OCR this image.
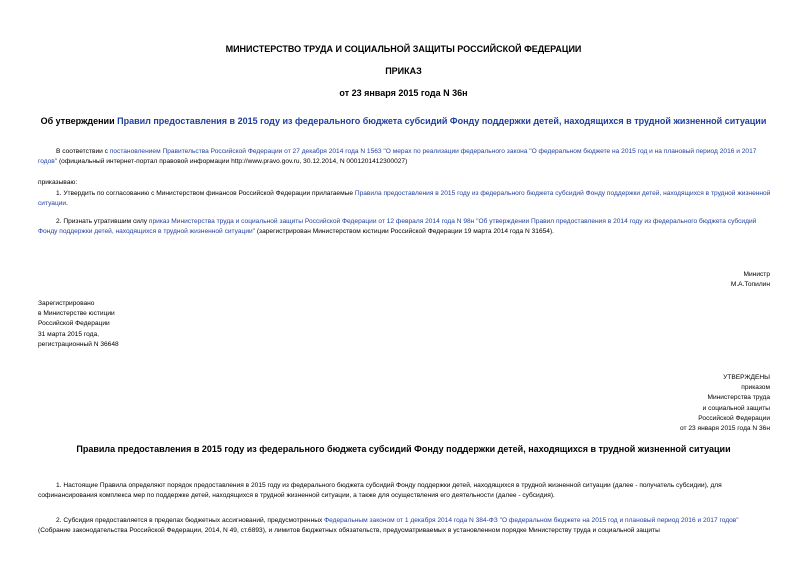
МИНИСТЕРСТВО ТРУДА И СОЦИАЛЬНОЙ ЗАЩИТЫ РОССИЙСКОЙ ФЕДЕРАЦИИ
ПРИКАЗ
от 23 января 2015 года N 36н
Об утверждении Правил предоставления в 2015 году из федерального бюджета субсидий Фонду поддержки детей, находящихся в трудной жизненной ситуации
В соответствии с постановлением Правительства Российской Федерации от 27 декабря 2014 года N 1563 "О мерах по реализации федерального закона "О федеральном бюджете на 2015 год и на плановый период 2016 и 2017 годов" (официальный интернет-портал правовой информации http://www.pravo.gov.ru, 30.12.2014, N 0001201412300027)
приказываю:
1. Утвердить по согласованию с Министерством финансов Российской Федерации прилагаемые Правила предоставления в 2015 году из федерального бюджета субсидий Фонду поддержки детей, находящихся в трудной жизненной ситуации.
2. Признать утратившим силу приказ Министерства труда и социальной защиты Российской Федерации от 12 февраля 2014 года N 98н "Об утверждении Правил предоставления в 2014 году из федерального бюджета субсидий Фонду поддержки детей, находящихся в трудной жизненной ситуации" (зарегистрирован Министерством юстиции Российской Федерации 19 марта 2014 года N 31654).
Министр
М.А.Топилин
Зарегистрировано
в Министерстве юстиции
Российской Федерации
31 марта 2015 года,
регистрационный N 36648
УТВЕРЖДЕНЫ
приказом
Министерства труда
и социальной защиты
Российской Федерации
от 23 января 2015 года N 36н
Правила предоставления в 2015 году из федерального бюджета субсидий Фонду поддержки детей, находящихся в трудной жизненной ситуации
1. Настоящие Правила определяют порядок предоставления в 2015 году из федерального бюджета субсидий Фонду поддержки детей, находящихся в трудной жизненной ситуации (далее - получатель субсидии), для софинансирования комплекса мер по поддержке детей, находящихся в трудной жизненной ситуации, а также для осуществления его деятельности (далее - субсидия).
2. Субсидия предоставляется в пределах бюджетных ассигнований, предусмотренных Федеральным законом от 1 декабря 2014 года N 384-ФЗ "О федеральном бюджете на 2015 год и плановый период 2016 и 2017 годов" (Собрание законодательства Российской Федерации, 2014, N 49, ст.6893), и лимитов бюджетных обязательств, предусматриваемых в установленном порядке Министерству труда и социальной защиты
